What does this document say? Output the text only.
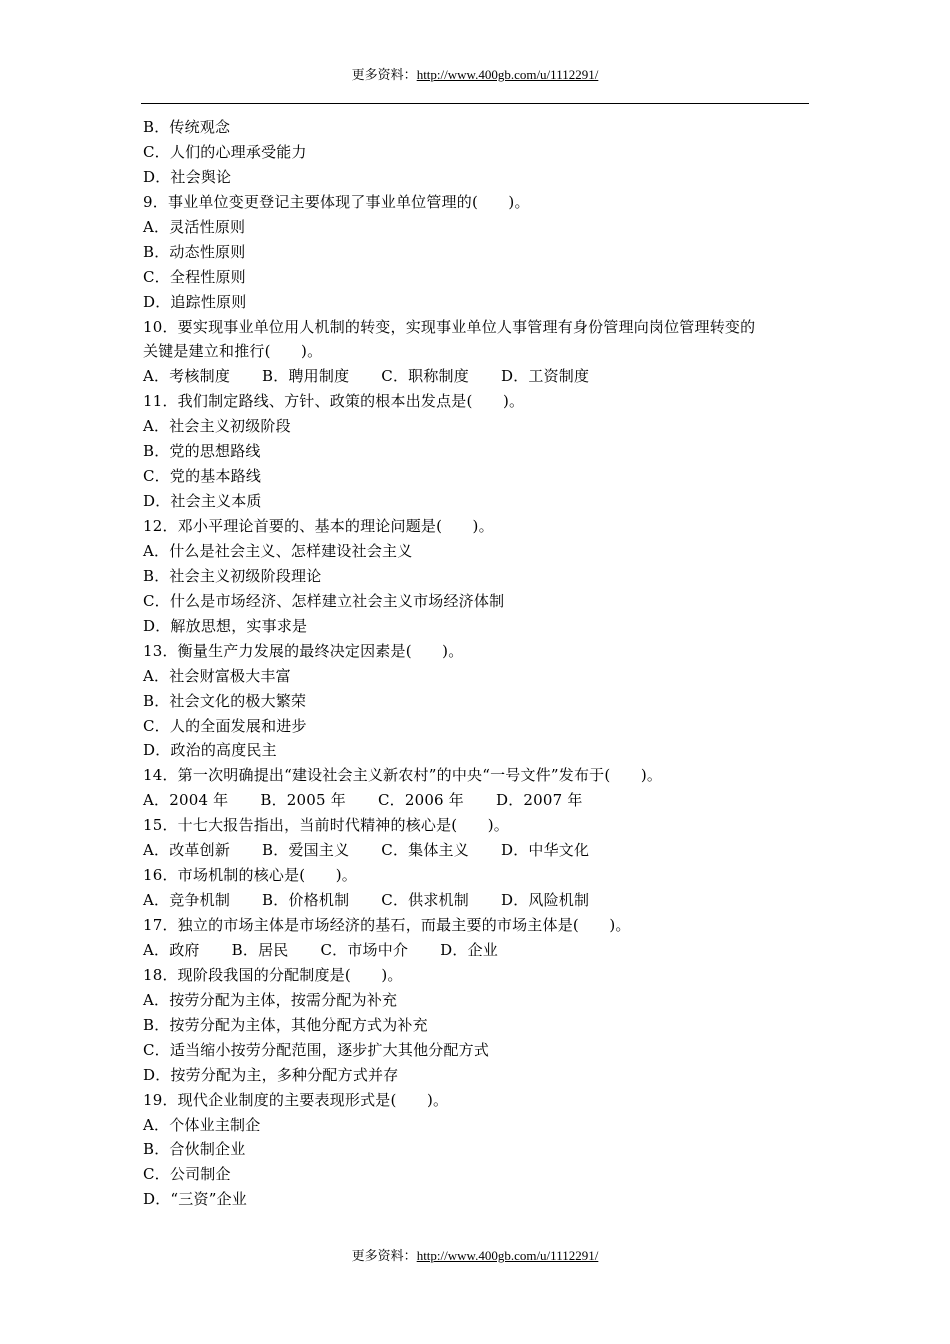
更多资料：http://www.400gb.com/u/1112291/
B．传统观念
C．人们的心理承受能力
D．社会舆论
9．事业单位变更登记主要体现了事业单位管理的(　　)。
A．灵活性原则
B．动态性原则
C．全程性原则
D．追踪性原则
10．要实现事业单位用人机制的转变，实现事业单位人事管理有身份管理向岗位管理转变的
关键是建立和推行(　　)。
A．考核制度 B．聘用制度 C．职称制度 D．工资制度
11．我们制定路线、方针、政策的根本出发点是(　　)。
A．社会主义初级阶段
B．党的思想路线
C．党的基本路线
D．社会主义本质
12．邓小平理论首要的、基本的理论问题是(　　)。
A．什么是社会主义、怎样建设社会主义
B．社会主义初级阶段理论
C．什么是市场经济、怎样建立社会主义市场经济体制
D．解放思想，实事求是
13．衡量生产力发展的最终决定因素是(　　)。
A．社会财富极大丰富
B．社会文化的极大繁荣
C．人的全面发展和进步
D．政治的高度民主
14．第一次明确提出“建设社会主义新农村”的中央“一号文件”发布于(　　)。
A．2004 年 B．2005 年 C．2006 年 D．2007 年
15．十七大报告指出，当前时代精神的核心是(　　)。
A．改革创新 B．爱国主义 C．集体主义 D．中华文化
16．市场机制的核心是(　　)。
A．竞争机制 B．价格机制 C．供求机制 D．风险机制
17．独立的市场主体是市场经济的基石，而最主要的市场主体是(　　)。
A．政府 B．居民 C．市场中介 D．企业
18．现阶段我国的分配制度是(　　)。
A．按劳分配为主体，按需分配为补充
B．按劳分配为主体，其他分配方式为补充
C．适当缩小按劳分配范围，逐步扩大其他分配方式
D．按劳分配为主，多种分配方式并存
19．现代企业制度的主要表现形式是(　　)。
A．个体业主制企
B．合伙制企业
C．公司制企
D．“三资”企业
更多资料：http://www.400gb.com/u/1112291/
